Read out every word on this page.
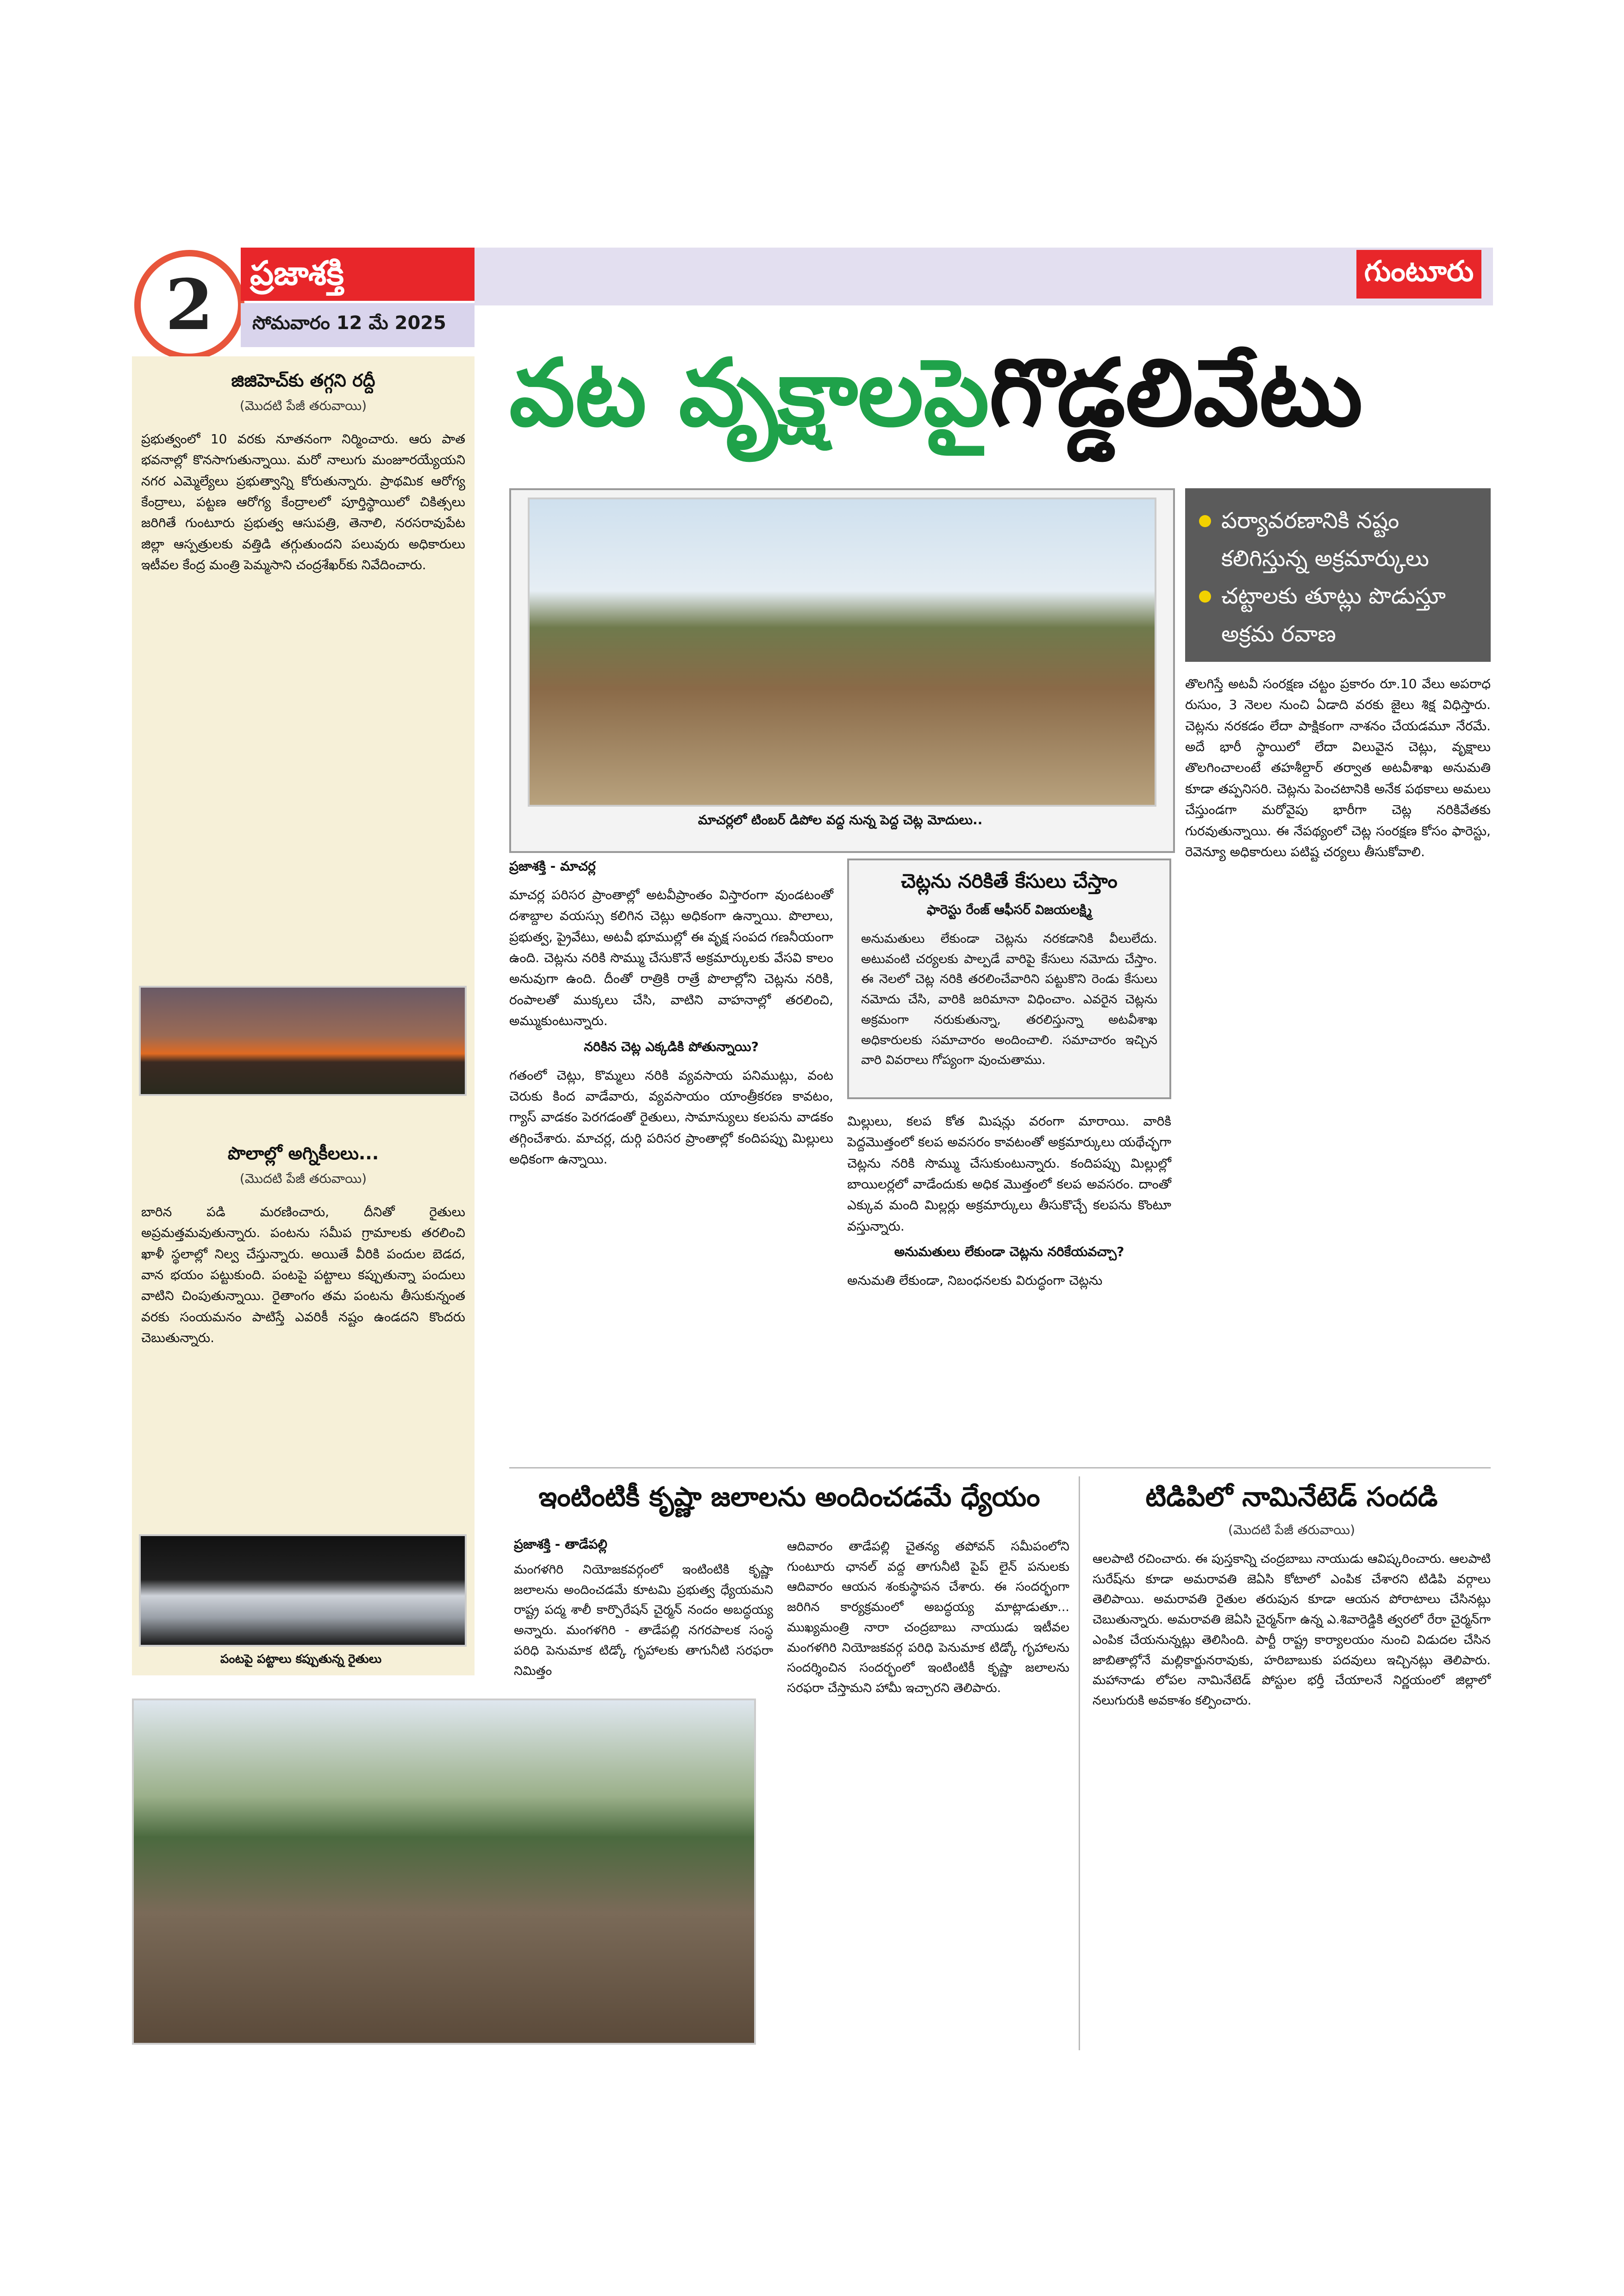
2 ప్రజాశక్తి
సోమవారం 12 మే 2025
గుంటూరు
జిజిహెచ్‌కు తగ్గని రద్దీ
(మొదటి పేజీ తరువాయి)
ప్రభుత్వంలో 10 వరకు నూతనంగా నిర్మించారు. ఆరు పాత భవనాల్లో కొనసాగుతున్నాయి. మరో నాలుగు మంజూరయ్యేయని నగర ఎమ్మెల్యేలు ప్రభుత్వాన్ని కోరుతున్నారు. ప్రాథమిక ఆరోగ్య కేంద్రాలు, పట్టణ ఆరోగ్య కేంద్రాలలో పూర్తిస్థాయిలో చికిత్సలు జరిగితే గుంటూరు ప్రభుత్వ ఆసుపత్రి, తెనాలి, నరసరావుపేట జిల్లా ఆస్పత్రులకు వత్తిడి తగ్గుతుందని పలువురు అధికారులు ఇటీవల కేంద్ర మంత్రి పెమ్మసాని చంద్రశేఖర్‌కు నివేదించారు.
పొలాల్లో అగ్నికీలలు...
(మొదటి పేజీ తరువాయి)
బారిన పడి మరణించారు, దీనితో రైతులు అప్రమత్తమవుతున్నారు. పంటను సమీప గ్రామాలకు తరలించి ఖాళీ స్థలాల్లో నిల్వ చేస్తున్నారు. అయితే వీరికి పందుల బెడద, వాన భయం పట్టుకుంది. పంటపై పట్టాలు కప్పుతున్నా పందులు వాటిని చింపుతున్నాయి. రైతాంగం తమ పంటను తీసుకున్నంత వరకు సంయమనం పాటిస్తే ఎవరికీ నష్టం ఉండదని కొందరు చెబుతున్నారు.
పంటపై పట్టాలు కప్పుతున్న రైతులు
వట వృక్షాలపై గొడ్డలివేటు
మాచర్లలో టింబర్ డిపోల వద్ద నున్న పెద్ద చెట్ల మోదులు..
పర్యావరణానికి నష్టం కలిగిస్తున్న అక్రమార్కులు
చట్టాలకు తూట్లు పొడుస్తూ అక్రమ రవాణ
ప్రజాశక్తి - మాచర్ల
మాచర్ల పరిసర ప్రాంతాల్లో అటవీప్రాంతం విస్తారంగా వుండటంతో దశాబ్దాల వయస్సు కలిగిన చెట్లు అధికంగా ఉన్నాయి. పొలాలు, ప్రభుత్వ, ప్రైవేటు, అటవీ భూముల్లో ఈ వృక్ష సంపద గణనీయంగా ఉంది. చెట్లను నరికి సొమ్ము చేసుకొనే అక్రమార్కులకు వేసవి కాలం అనువుగా ఉంది. దీంతో రాత్రికి రాత్రే పొలాల్లోని చెట్లను నరికి, రంపాలతో ముక్కలు చేసి, వాటిని వాహనాల్లో తరలించి, అమ్ముకుంటున్నారు.
నరికిన చెట్ల ఎక్కడికి పోతున్నాయి?
గతంలో చెట్లు, కొమ్మలు నరికి వ్యవసాయ పనిముట్లు, వంట చెరుకు కింద వాడేవారు, వ్యవసాయం యాంత్రీకరణ కావటం, గ్యాస్ వాడకం పెరగడంతో రైతులు, సామాన్యులు కలపను వాడకం తగ్గించేశారు. మాచర్ల, దుర్గి పరిసర ప్రాంతాల్లో కందిపప్పు మిల్లులు అధికంగా ఉన్నాయి.
చెట్లను నరికితే కేసులు చేస్తాం
ఫారెస్టు రేంజ్ ఆఫీసర్ విజయలక్ష్మి
అనుమతులు లేకుండా చెట్లను నరకడానికి వీలులేదు. అటువంటి చర్యలకు పాల్పడే వారిపై కేసులు నమోదు చేస్తాం. ఈ నెలలో చెట్ల నరికి తరలించేవారిని పట్టుకొని రెండు కేసులు నమోదు చేసి, వారికి జరిమానా విధించాం. ఎవరైన చెట్లను అక్రమంగా నరుకుతున్నా, తరలిస్తున్నా అటవీశాఖ అధికారులకు సమాచారం అందించాలి. సమాచారం ఇచ్చిన వారి వివరాలు గోప్యంగా వుంచుతాము.
మిల్లులు, కలప కోత మిషన్లు వరంగా మారాయి. వారికి పెద్దమొత్తంలో కలప అవసరం కావటంతో అక్రమార్కులు యథేచ్ఛగా చెట్లను నరికి సొమ్ము చేసుకుంటున్నారు. కందిపప్పు మిల్లుల్లో బాయిలర్లలో వాడేందుకు అధిక మొత్తంలో కలప అవసరం. దాంతో ఎక్కువ మంది మిల్లర్లు అక్రమార్కులు తీసుకొచ్చే కలపను కొంటూ వస్తున్నారు.
అనుమతులు లేకుండా చెట్లను నరికేయవచ్చా?
అనుమతి లేకుండా, నిబంధనలకు విరుద్ధంగా చెట్లను
తొలగిస్తే అటవీ సంరక్షణ చట్టం ప్రకారం రూ.10 వేలు అపరాధ రుసుం, 3 నెలల నుంచి ఏడాది వరకు జైలు శిక్ష విధిస్తారు. చెట్లను నరకడం లేదా పాక్షికంగా నాశనం చేయడమూ నేరమే. అదే భారీ స్థాయిలో లేదా విలువైన చెట్లు, వృక్షాలు తొలగించాలంటే తహశీల్దార్ తర్వాత అటవీశాఖ అనుమతి కూడా తప్పనిసరి. చెట్లను పెంచటానికి అనేక పథకాలు అమలు చేస్తుండగా మరోవైపు భారీగా చెట్ల నరికివేతకు గురవుతున్నాయి. ఈ నేపథ్యంలో చెట్ల సంరక్షణ కోసం ఫారెస్టు, రెవెన్యూ అధికారులు పటిష్ట చర్యలు తీసుకోవాలి.
ఇంటింటికీ కృష్ణా జలాలను అందించడమే ధ్యేయం
ప్రజాశక్తి - తాడేపల్లి
మంగళగిరి నియోజకవర్గంలో ఇంటింటికి కృష్ణా జలాలను అందించడమే కూటమి ప్రభుత్వ ధ్యేయమని రాష్ట్ర పద్మ శాలీ కార్పొరేషన్ చైర్మన్ నందం అబద్ధయ్య అన్నారు. మంగళగిరి - తాడేపల్లి నగరపాలక సంస్థ పరిధి పెనుమాక టిడ్కో గృహాలకు తాగునీటి సరఫరా నిమిత్తం
ఆదివారం తాడేపల్లి చైతన్య తపోవన్ సమీపంలోని గుంటూరు ఛానల్ వద్ద తాగునీటి పైప్ లైన్ పనులకు ఆదివారం ఆయన శంకుస్థాపన చేశారు. ఈ సందర్భంగా జరిగిన కార్యక్రమంలో అబద్ధయ్య మాట్లాడుతూ... ముఖ్యమంత్రి నారా చంద్రబాబు నాయుడు ఇటీవల మంగళగిరి నియోజకవర్గ పరిధి పెనుమాక టిడ్కో గృహాలను సందర్శించిన సందర్భంలో ఇంటింటికీ కృష్ణా జలాలను సరఫరా చేస్తామని హామీ ఇచ్చారని తెలిపారు.
టిడిపిలో నామినేటెడ్ సందడి
(మొదటి పేజీ తరువాయి)
ఆలపాటి రచించారు. ఈ పుస్తకాన్ని చంద్రబాబు నాయుడు ఆవిష్కరించారు. ఆలపాటి సురేష్‌ను కూడా అమరావతి జెఏసి కోటాలో ఎంపిక చేశారని టిడిపి వర్గాలు తెలిపాయి. అమరావతి రైతుల తరుపున కూడా ఆయన పోరాటాలు చేసినట్లు చెబుతున్నారు. అమరావతి జెఏసి చైర్మన్‌గా ఉన్న ఎ.శివారెడ్డికి త్వరలో రేరా చైర్మన్‌గా ఎంపిక చేయనున్నట్లు తెలిసింది. పార్టీ రాష్ట్ర కార్యాలయం నుంచి విడుదల చేసిన జాబితాల్లోనే మల్లికార్జునరావుకు, హరిబాబుకు పదవులు ఇచ్చినట్లు తెలిపారు. మహానాడు లోపల నామినేటెడ్ పోస్టుల భర్తీ చేయాలనే నిర్ణయంలో జిల్లాలో నలుగురుకి అవకాశం కల్పించారు.
